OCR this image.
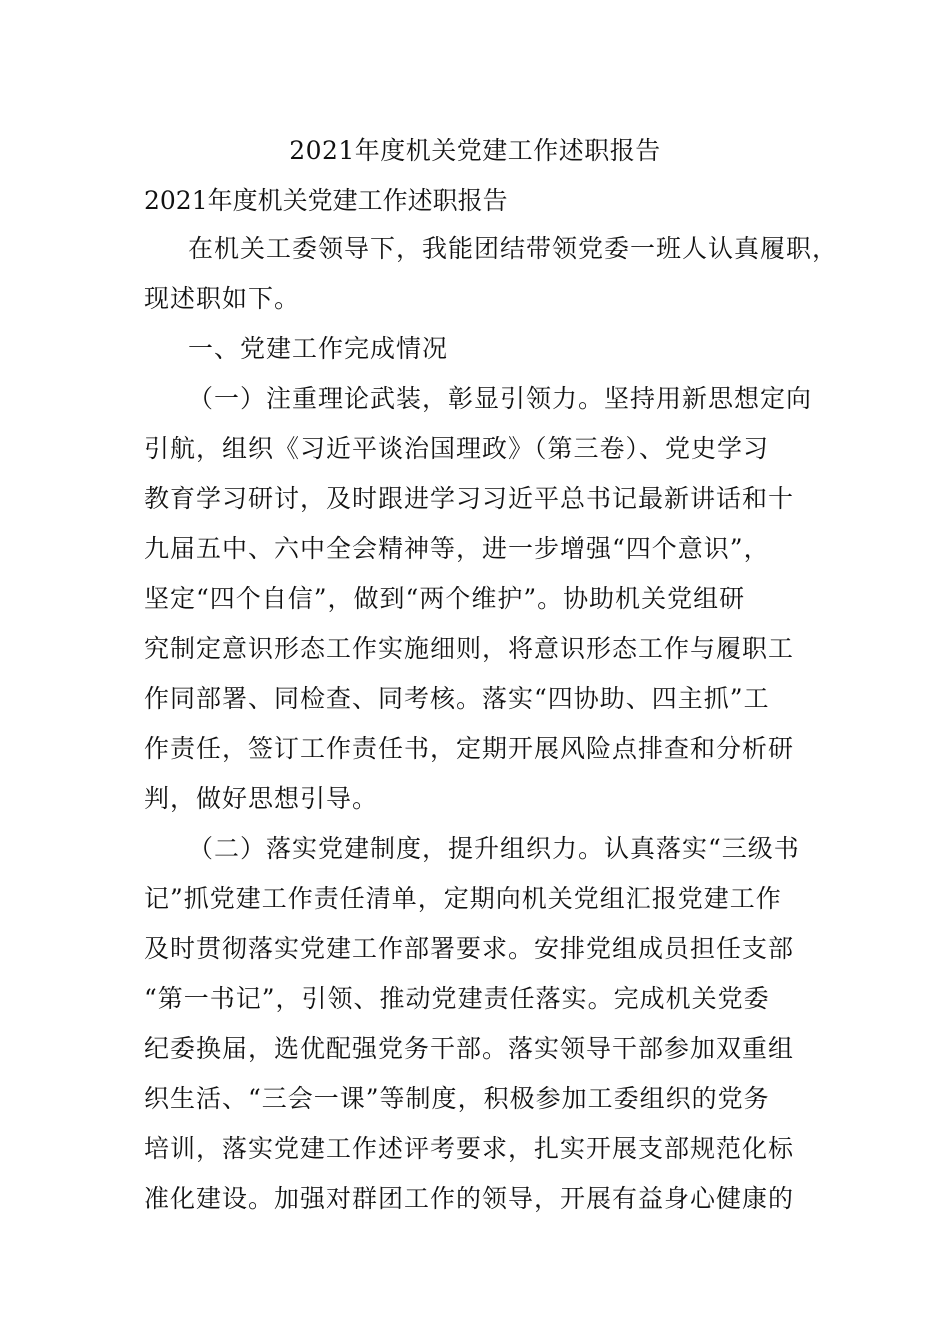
2021年度机关党建工作述职报告
2021年度机关党建工作述职报告
在机关工委领导下，我能团结带领党委一班人认真履职，
现述职如下。
一、党建工作完成情况
（一）注重理论武装，彰显引领力。坚持用新思想定向
引航，组织《习近平谈治国理政》（第三卷）、党史学习
教育学习研讨，及时跟进学习习近平总书记最新讲话和十
九届五中、六中全会精神等，进一步增强“四个意识”，
坚定“四个自信”，做到“两个维护”。协助机关党组研
究制定意识形态工作实施细则，将意识形态工作与履职工
作同部署、同检查、同考核。落实“四协助、四主抓”工
作责任，签订工作责任书，定期开展风险点排查和分析研
判，做好思想引导。
（二）落实党建制度，提升组织力。认真落实“三级书
记”抓党建工作责任清单，定期向机关党组汇报党建工作
及时贯彻落实党建工作部署要求。安排党组成员担任支部
“第一书记”，引领、推动党建责任落实。完成机关党委
纪委换届，选优配强党务干部。落实领导干部参加双重组
织生活、“三会一课”等制度，积极参加工委组织的党务
培训，落实党建工作述评考要求，扎实开展支部规范化标
准化建设。加强对群团工作的领导，开展有益身心健康的
